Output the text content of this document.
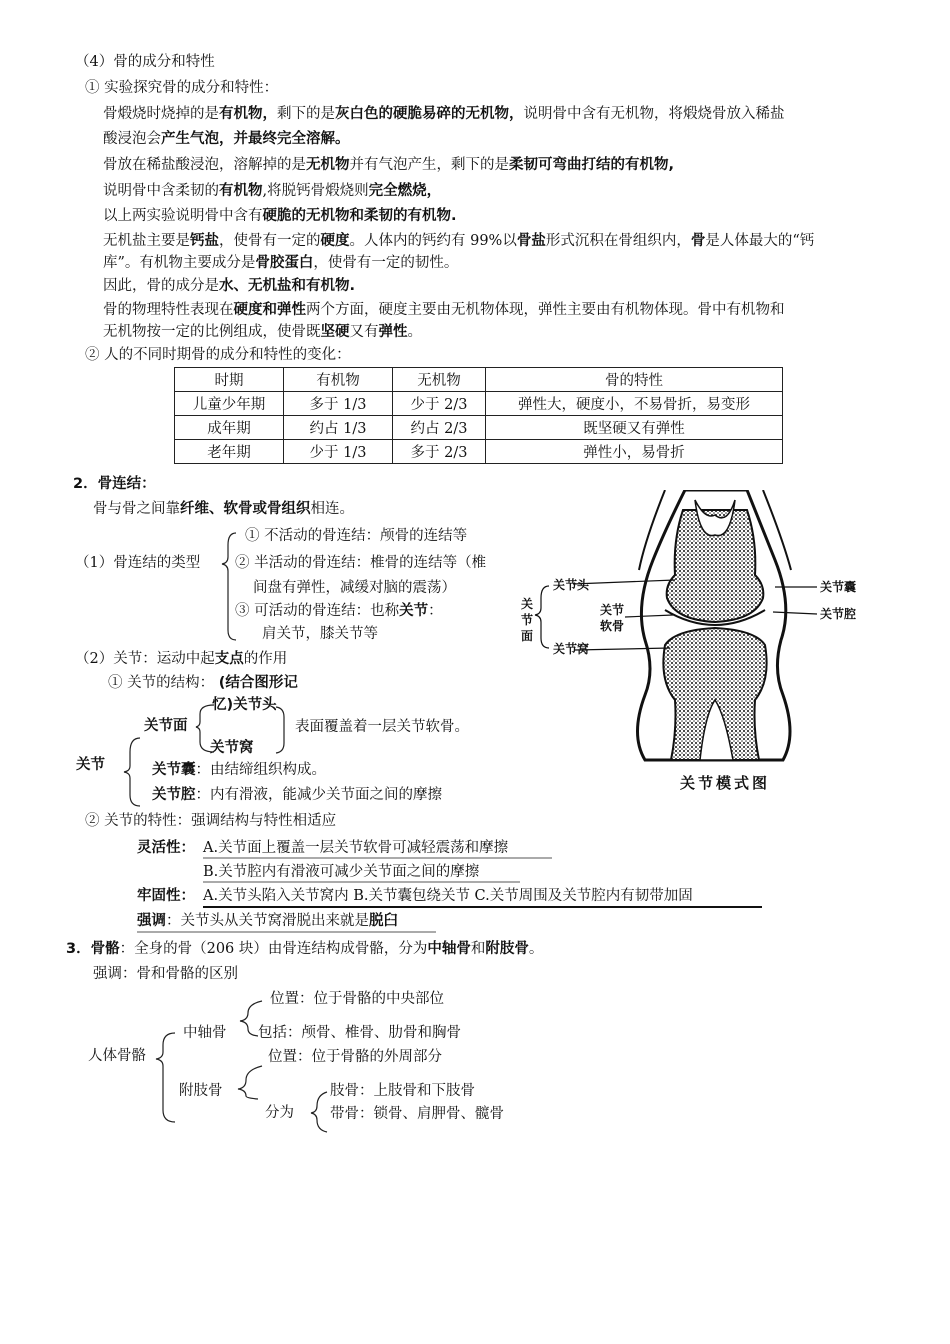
（4）骨的成分和特性
① 实验探究骨的成分和特性：
骨煅烧时烧掉的是有机物，剩下的是灰白色的硬脆易碎的无机物，说明骨中含有无机物，将煅烧骨放入稀盐
酸浸泡会产生气泡，并最终完全溶解。
骨放在稀盐酸浸泡，溶解掉的是无机物并有气泡产生，剩下的是柔韧可弯曲打结的有机物,
说明骨中含柔韧的有机物,将脱钙骨煅烧则完全燃烧，
以上两实验说明骨中含有硬脆的无机物和柔韧的有机物.
无机盐主要是钙盐，使骨有一定的硬度。人体内的钙约有 99%以骨盐形式沉积在骨组织内，骨是人体最大的“钙
库”。有机物主要成分是骨胶蛋白，使骨有一定的韧性。
因此，骨的成分是水、无机盐和有机物.
骨的物理特性表现在硬度和弹性两个方面，硬度主要由无机物体现，弹性主要由有机物体现。骨中有机物和
无机物按一定的比例组成，使骨既坚硬又有弹性。
② 人的不同时期骨的成分和特性的变化：
时期	有机物	无机物	骨的特性
儿童少年期	多于 1/3	少于 2/3	弹性大，硬度小，不易骨折，易变形
成年期	约占 1/3	约占 2/3	既坚硬又有弹性
老年期	少于 1/3	多于 2/3	弹性小，易骨折
2．骨连结：
骨与骨之间靠纤维、软骨或骨组织相连。
（1）骨连结的类型
① 不活动的骨连结：颅骨的连结等
② 半活动的骨连结：椎骨的连结等（椎
间盘有弹性，减缓对脑的震荡）
③ 可活动的骨连结：也称关节：
肩关节，膝关节等
（2）关节：运动中起支点的作用
① 关节的结构： (结合图形记
忆)关节头
关节面
关节窝
表面覆盖着一层关节软骨。
关节	关节囊：由结缔组织构成。
关节腔：内有滑液，能减少关节面之间的摩擦
② 关节的特性：强调结构与特性相适应
灵活性： A.关节面上覆盖一层关节软骨可减轻震荡和摩擦
B.关节腔内有滑液可减少关节面之间的摩擦
牢固性： A.关节头陷入关节窝内 B.关节囊包绕关节 C.关节周围及关节腔内有韧带加固
强调：关节头从关节窝滑脱出来就是脱臼
3．骨骼：全身的骨（206 块）由骨连结构成骨骼，分为中轴骨和附肢骨。
强调：骨和骨骼的区别
人体骨骼
中轴骨
位置：位于骨骼的中央部位
包括：颅骨、椎骨、肋骨和胸骨
位置：位于骨骼的外周部分
附肢骨
分为
肢骨：上肢骨和下肢骨
带骨：锁骨、肩胛骨、髋骨
关节头
关节
软骨
关节窝
关节囊
关节腔
关
节
面
关节模式图
